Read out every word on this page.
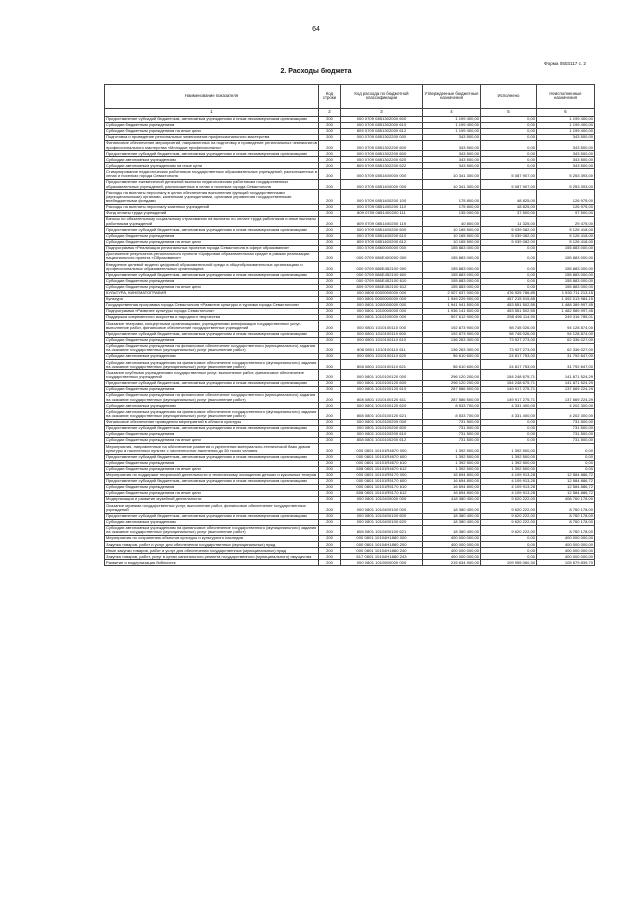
64
Форма 0503117 с. 2
2. Расходы бюджета
Наименование показателя	Код строки	Код расхода по бюджетной классификации	Утвержденные бюджетные назначения	Исполнено	Неисполненные назначения
1	2	3	4	5	6
Предоставление субсидий бюджетным, автономным учреждениям и иным некоммерческим организациям	200	000 0709 0851302000 600	1 199 400,00	0,00	1 199 400,00
Субсидии бюджетным учреждениям	200	000 0709 0851302000 610	1 199 400,00	0,00	1 199 400,00
Субсидии бюджетным учреждениям на иные цели	200	809 0709 0851302000 612	1 199 400,00	0,00	1 199 400,00
Подготовка и проведение региональных чемпионатов профессионального мастерства	200	000 0709 0851302200 000	343 500,00	0,00	343 500,00
Финансовое обеспечение мероприятий, направленных на подготовку и проведение региональных чемпионатов профессионального мастерства «Молодые профессионалы»	200	000 0709 0851302200 600	343 500,00	0,00	343 500,00
Предоставление субсидий бюджетным, автономным учреждениям и иным некоммерческим организациям	200	000 0709 0851302200 600	343 500,00	0,00	343 500,00
Субсидии автономным учреждениям	200	000 0709 0851302200 620	343 500,00	0,00	343 500,00
Субсидии автономным учреждениям на иные цели	200	809 0709 0851302200 622	343 500,00	0,00	343 500,00
Стимулирование педагогических работников государственных образовательных учреждений, расположенных в селах и поселках города Севастополя	200	000 0709 0851400000 000	10 341 300,00	5 087 907,00	5 253 393,00
Предоставление ежемесячной денежной выплаты педагогическим работникам государственных образовательных учреждений, расположенных в селах и поселках города Севастополя	200	000 0709 0851400000 000	10 341 300,00	5 087 907,00	5 253 393,00
Расходы на выплаты персоналу в целях обеспечения выполнения функций государственными (муниципальными) органами, казенными учреждениями, органами управления государственными внебюджетными фондами	200	000 0709 0851400200 100	175 800,00	48 825,00	126 975,00
Расходы на выплаты персоналу казенных учреждений	200	000 0709 0851400200 110	175 800,00	48 825,00	126 975,00
Фонд оплаты труда учреждений	200	809 0709 0851400200 111	135 000,00	37 500,00	97 500,00
Взносы по обязательному социальному страхованию на выплаты по оплате труда работников и иные выплаты работникам учреждений	200	809 0709 0851400200 119	40 800,00	11 325,00	29 475,00
Предоставление субсидий бюджетным, автономным учреждениям и иным некоммерческим организациям	200	000 0709 0851400200 600	10 165 500,00	5 039 082,00	5 126 418,00
Субсидии бюджетным учреждениям	200	000 0709 0851400200 610	10 165 500,00	5 039 082,00	5 126 418,00
Субсидии бюджетным учреждениям на иные цели	200	809 0709 0851400200 612	10 165 500,00	5 039 082,00	5 126 418,00
Подпрограмма «Реализация региональных проектов города Севастополя в сфере образования»	200	000 0709 0860000000 000	155 883 000,00	0,00	155 883 000,00
Достижение результатов регионального проекта «Цифровая образовательная среда» в рамках реализации национального проекта «Образование»	200	000 0709 086E400000 000	155 883 000,00	0,00	155 883 000,00
Внедрение целевой модели цифровой образовательной среды в общеобразовательных организациях и профессиональных образовательных организациях	200	000 0709 086E452100 000	155 883 000,00	0,00	155 883 000,00
Предоставление субсидий бюджетным, автономным учреждениям и иным некоммерческим организациям	200	000 0709 086E452100 600	155 883 000,00	0,00	155 883 000,00
Субсидии бюджетным учреждениям	200	000 0709 086E452100 610	155 883 000,00	0,00	155 883 000,00
Субсидии бюджетным учреждениям на иные цели	200	809 0709 086E452100 612	155 883 000,00	0,00	155 883 000,00
КУЛЬТУРА, КИНЕМАТОГРАФИЯ	200	000 0800 0000000000 000	2 007 637 000,00	476 925 786,85	1 530 711 213,15
Культура	200	000 0801 0000000000 000	1 949 229 900,00	457 215 915,85	1 492 013 984,15
Государственная программа города Севастополя «Развитие культуры и туризма города Севастополя»	200	000 0801 1000000000 000	1 941 941 500,00	453 551 502,55	1 488 389 997,45
Подпрограмма «Развитие культуры города Севастополя»	200	000 0801 1010000000 000	1 936 141 500,00	453 551 502,55	1 482 589 997,45
Поддержка современного искусства и народного творчества	200	000 0801 1010100000 000	507 612 900,00	258 496 114,90	249 316 785,01
Оказание театрами, концертными организациями, учреждениями кинофикации государственных услуг, выполнение работ, финансовое обеспечение государственных учреждений	200	000 0801 1010100110 000	192 873 900,00	98 745 026,00	94 128 874,00
Предоставление субсидий бюджетным, автономным учреждениям и иным некоммерческим организациям	200	000 0801 1010100110 600	192 873 900,00	98 745 026,00	94 128 874,00
Субсидии бюджетным учреждениям	200	000 0801 1010100110 610	136 263 300,00	73 927 273,00	62 336 027,00
Субсидии бюджетным учреждениям на финансовое обеспечение государственного (муниципального) задания на оказание государственных (муниципальных) услуг (выполнение работ)	200	808 0801 1010100110 611	136 263 300,00	73 927 273,00	62 336 027,00
Субсидии автономным учреждениям	200	000 0801 1010100110 620	56 610 600,00	24 817 753,00	31 792 847,00
Субсидии автономным учреждениям на финансовое обеспечение государственного (муниципального) задания на оказание государственных (муниципальных) услуг (выполнение работ)	200	808 0801 1010100110 621	56 610 600,00	24 817 753,00	31 792 847,00
Оказание клубными учреждениями государственных услуг, выполнение работ, финансовое обеспечение государственных учреждений	200	000 0801 1010100120 000	296 120 200,00	154 248 675,71	141 871 524,29
Предоставление субсидий бюджетным, автономным учреждениям и иным некоммерческим организациям	200	000 0801 1010100120 600	296 120 200,00	154 248 675,71	141 871 524,29
Субсидии бюджетным учреждениям	200	000 0801 1010100120 610	287 586 500,00	149 917 275,71	137 669 224,29
Субсидии бюджетным учреждениям на финансовое обеспечение государственного (муниципального) задания на оказание государственных (муниципальных) услуг (выполнение работ)	200	808 0801 1010100120 611	287 586 500,00	149 917 275,71	137 669 224,29
Субсидии автономным учреждениям	200	000 0801 1010100120 620	8 533 700,00	4 331 400,00	4 202 300,00
Субсидии автономным учреждениям на финансовое обеспечение государственного (муниципального) задания на оказание государственных (муниципальных) услуг (выполнение работ)	200	808 0801 1010100120 621	8 533 700,00	4 331 400,00	4 202 300,00
Финансовое обеспечение проведения мероприятий в области культуры	200	000 0801 1010100200 000	731 500,00	0,00	731 500,00
Предоставление субсидий бюджетным, автономным учреждениям и иным некоммерческим организациям	200	000 0801 1010100200 600	731 500,00	0,00	731 500,00
Субсидии бюджетным учреждениям	200	000 0801 1010100200 610	731 500,00	0,00	731 500,00
Субсидии бюджетным учреждениям на иные цели	200	808 0801 1010100200 612	731 500,00	0,00	731 500,00
Мероприятия, направленные на обеспечение развития и укрепления материально-технической базы домов культуры в населенных пунктах с численностью населения до 50 тысяч человек	200	000 0801 10101R4670 000	1 392 500,00	1 392 500,00	0,00
Предоставление субсидий бюджетным, автономным учреждениям и иным некоммерческим организациям	200	000 0801 10101R4670 600	1 392 500,00	1 392 500,00	0,00
Субсидии бюджетным учреждениям	200	000 0801 10101R4670 610	1 392 500,00	1 392 500,00	0,00
Субсидии бюджетным учреждениям на иные цели	200	808 0801 10101R4670 612	1 392 500,00	1 392 500,00	0,00
Мероприятия по поддержке творческой деятельности и техническому оснащению детских и кукольных театров	200	000 0801 10101R5170 000	16 694 800,00	4 109 913,28	12 584 886,72
Предоставление субсидий бюджетным, автономным учреждениям и иным некоммерческим организациям	200	000 0801 10101R5170 600	16 694 800,00	4 109 913,28	12 584 886,72
Субсидии бюджетным учреждениям	200	000 0801 10101R5170 610	16 694 800,00	4 109 913,28	12 584 886,72
Субсидии бюджетным учреждениям на иные цели	200	808 0801 10101R5170 612	16 694 800,00	4 109 913,28	12 584 886,72
Модернизация и развитие музейной деятельности	200	000 0801 1010400000 000	418 380 400,00	9 620 222,00	408 760 178,00
Оказание музеями государственных услуг, выполнение работ, финансовое обеспечение государственных учреждений	200	000 0801 1010400100 000	18 380 400,00	9 620 222,00	8 760 178,00
Предоставление субсидий бюджетным, автономным учреждениям и иным некоммерческим организациям	200	000 0801 1010400100 600	18 380 400,00	9 620 222,00	8 760 178,00
Субсидии автономным учреждениям	200	000 0801 1010400100 620	18 380 400,00	9 620 222,00	8 760 178,00
Субсидии автономным учреждениям на финансовое обеспечение государственного (муниципального) задания на оказание государственных (муниципальных) услуг (выполнение работ)	200	808 0801 1010400100 621	18 380 400,00	9 620 222,00	8 760 178,00
Мероприятия по сохранению объектов культуры и культурного наследия	200	000 0801 10104Н1880 000	400 000 000,00	0,00	400 000 000,00
Закупка товаров, работ и услуг для обеспечения государственных (муниципальных) нужд	200	000 0801 10104Н1880 200	400 000 000,00	0,00	400 000 000,00
Иные закупки товаров, работ и услуг для обеспечения государственных (муниципальных) нужд	200	000 0801 10104Н1880 240	400 000 000,00	0,00	400 000 000,00
Закупка товаров, работ, услуг в целях капитального ремонта государственного (муниципального) имущества	200	817 0801 10104Н1880 243	400 000 000,00	0,00	400 000 000,00
Развитие и модернизация библиотек	200	000 0801 1010500000 000	215 634 900,00	109 955 060,30	105 679 839,70
